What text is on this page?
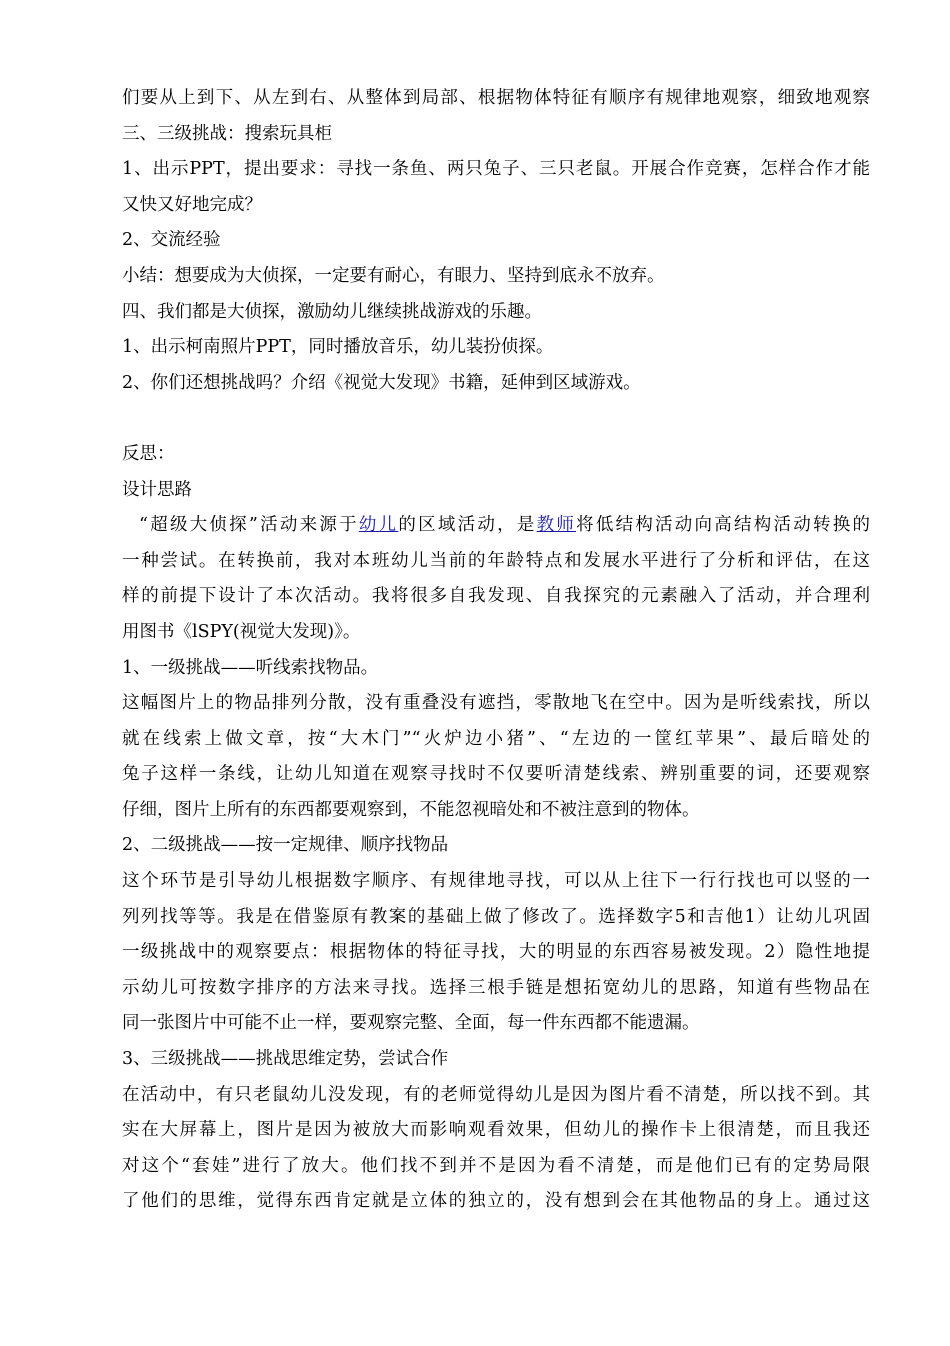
们要从上到下、从左到右、从整体到局部、根据物体特征有顺序有规律地观察，细致地观察
三、三级挑战：搜索玩具柜
1、出示PPT，提出要求：寻找一条鱼、两只兔子、三只老鼠。开展合作竞赛，怎样合作才能
又快又好地完成？
2、交流经验
小结：想要成为大侦探，一定要有耐心，有眼力、坚持到底永不放弃。
四、我们都是大侦探，激励幼儿继续挑战游戏的乐趣。
1、出示柯南照片PPT，同时播放音乐，幼儿装扮侦探。
2、你们还想挑战吗？介绍《视觉大发现》书籍，延伸到区域游戏。
反思：
设计思路
“超级大侦探”活动来源于幼儿的区域活动，是教师将低结构活动向高结构活动转换的
一种尝试。在转换前，我对本班幼儿当前的年龄特点和发展水平进行了分析和评估，在这
样的前提下设计了本次活动。我将很多自我发现、自我探究的元素融入了活动，并合理利
用图书《lSPY(视觉大发现)》。
1、一级挑战——听线索找物品。
这幅图片上的物品排列分散，没有重叠没有遮挡，零散地飞在空中。因为是听线索找，所以
就在线索上做文章，按“大木门”“火炉边小猪”、“左边的一筐红苹果”、最后暗处的
兔子这样一条线，让幼儿知道在观察寻找时不仅要听清楚线索、辨别重要的词，还要观察
仔细，图片上所有的东西都要观察到，不能忽视暗处和不被注意到的物体。
2、二级挑战——按一定规律、顺序找物品
这个环节是引导幼儿根据数字顺序、有规律地寻找，可以从上往下一行行找也可以竖的一
列列找等等。我是在借鉴原有教案的基础上做了修改了。选择数字5和吉他1）让幼儿巩固
一级挑战中的观察要点：根据物体的特征寻找，大的明显的东西容易被发现。2）隐性地提
示幼儿可按数字排序的方法来寻找。选择三根手链是想拓宽幼儿的思路，知道有些物品在
同一张图片中可能不止一样，要观察完整、全面，每一件东西都不能遗漏。
3、三级挑战——挑战思维定势，尝试合作
在活动中，有只老鼠幼儿没发现，有的老师觉得幼儿是因为图片看不清楚，所以找不到。其
实在大屏幕上，图片是因为被放大而影响观看效果，但幼儿的操作卡上很清楚，而且我还
对这个“套娃”进行了放大。他们找不到并不是因为看不清楚，而是他们已有的定势局限
了他们的思维，觉得东西肯定就是立体的独立的，没有想到会在其他物品的身上。通过这
